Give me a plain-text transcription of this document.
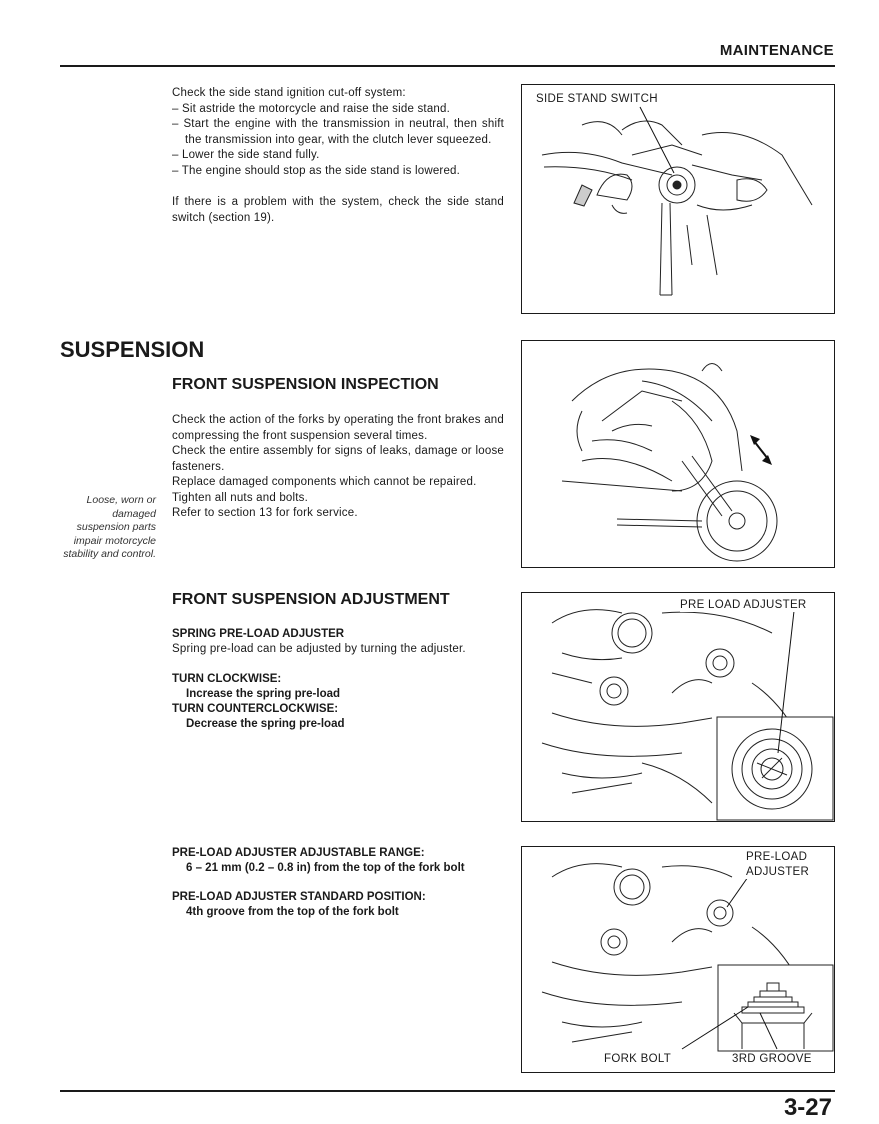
MAINTENANCE
Check the side stand ignition cut-off system:
– Sit astride the motorcycle and raise the side stand.
– Start the engine with the transmission in neutral, then shift the transmission into gear, with the clutch lever squeezed.
– Lower the side stand fully.
– The engine should stop as the side stand is lowered.
If there is a problem with the system, check the side stand switch (section 19).
SIDE STAND SWITCH
SUSPENSION
FRONT SUSPENSION INSPECTION
Loose, worn or damaged suspension parts impair motorcycle stability and control.
Check the action of the forks by operating the front brakes and compressing the front suspension several times.
Check the entire assembly for signs of leaks, damage or loose fasteners.
Replace damaged components which cannot be repaired.
Tighten all nuts and bolts.
Refer to section 13 for fork service.
FRONT SUSPENSION ADJUSTMENT
SPRING PRE-LOAD ADJUSTER
Spring pre-load can be adjusted by turning the adjuster.
TURN CLOCKWISE:
Increase the spring pre-load
TURN COUNTERCLOCKWISE:
Decrease the spring pre-load
PRE LOAD ADJUSTER
PRE-LOAD ADJUSTER ADJUSTABLE RANGE:
6 – 21 mm (0.2 – 0.8 in) from the top of the fork bolt
PRE-LOAD ADJUSTER STANDARD POSITION:
4th groove from the top of the fork bolt
PRE-LOAD
ADJUSTER
FORK BOLT	3RD GROOVE
3-27
